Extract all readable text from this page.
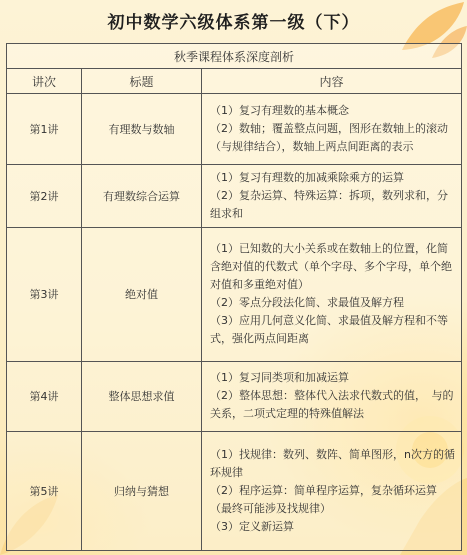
初中数学六级体系第一级（下）
秋季课程体系深度剖析		
讲次	标题	内容
第1讲	有理数与数轴	（1）复习有理数的基本概念
（2）数轴；覆盖整点问题，图形在数轴上的滚动（与规律结合），数轴上两点间距离的表示

第2讲	有理数综合运算	（1）复习有理数的加减乘除乘方的运算
（2）复杂运算、特殊运算：拆项，数列求和，分组求和

第3讲	绝对值	（1）已知数的大小关系或在数轴上的位置，化简含绝对值的代数式（单个字母、多个字母，单个绝对值和多重绝对值）
（2）零点分段法化简、求最值及解方程
（3）应用几何意义化简、求最值及解方程和不等式，强化两点间距离

第4讲	整体思想求值	（1）复习同类项和加减运算
（2）整体思想：整体代入法求代数式的值，　与的关系，二项式定理的特殊值解法

第5讲	归纳与猜想	（1）找规律：数列、数阵、简单图形，n次方的循环规律
（2）程序运算：简单程序运算，复杂循环运算（最终可能涉及找规律）
（3）定义新运算
